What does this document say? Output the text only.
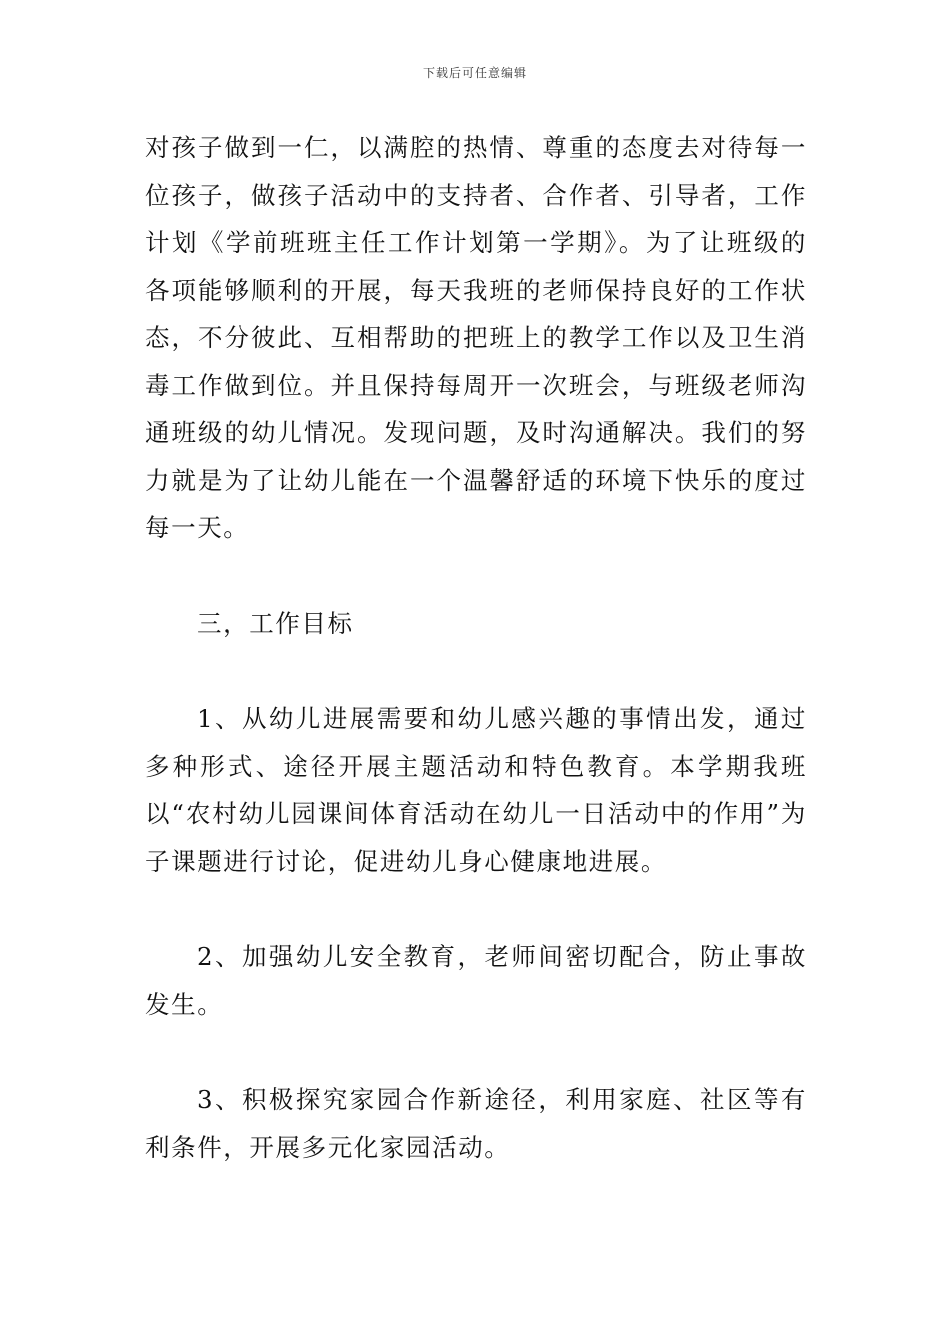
下载后可任意编辑

对孩子做到一仁，以满腔的热情、尊重的态度去对待每一位孩子，做孩子活动中的支持者、合作者、引导者，工作计划《学前班班主任工作计划第一学期》。为了让班级的各项能够顺利的开展，每天我班的老师保持良好的工作状态，不分彼此、互相帮助的把班上的教学工作以及卫生消毒工作做到位。并且保持每周开一次班会，与班级老师沟通班级的幼儿情况。发现问题，及时沟通解决。我们的努力就是为了让幼儿能在一个温馨舒适的环境下快乐的度过每一天。

三，工作目标

1、从幼儿进展需要和幼儿感兴趣的事情出发，通过多种形式、途径开展主题活动和特色教育。本学期我班以“农村幼儿园课间体育活动在幼儿一日活动中的作用”为子课题进行讨论，促进幼儿身心健康地进展。

2、加强幼儿安全教育，老师间密切配合，防止事故发生。

3、积极探究家园合作新途径，利用家庭、社区等有利条件，开展多元化家园活动。
